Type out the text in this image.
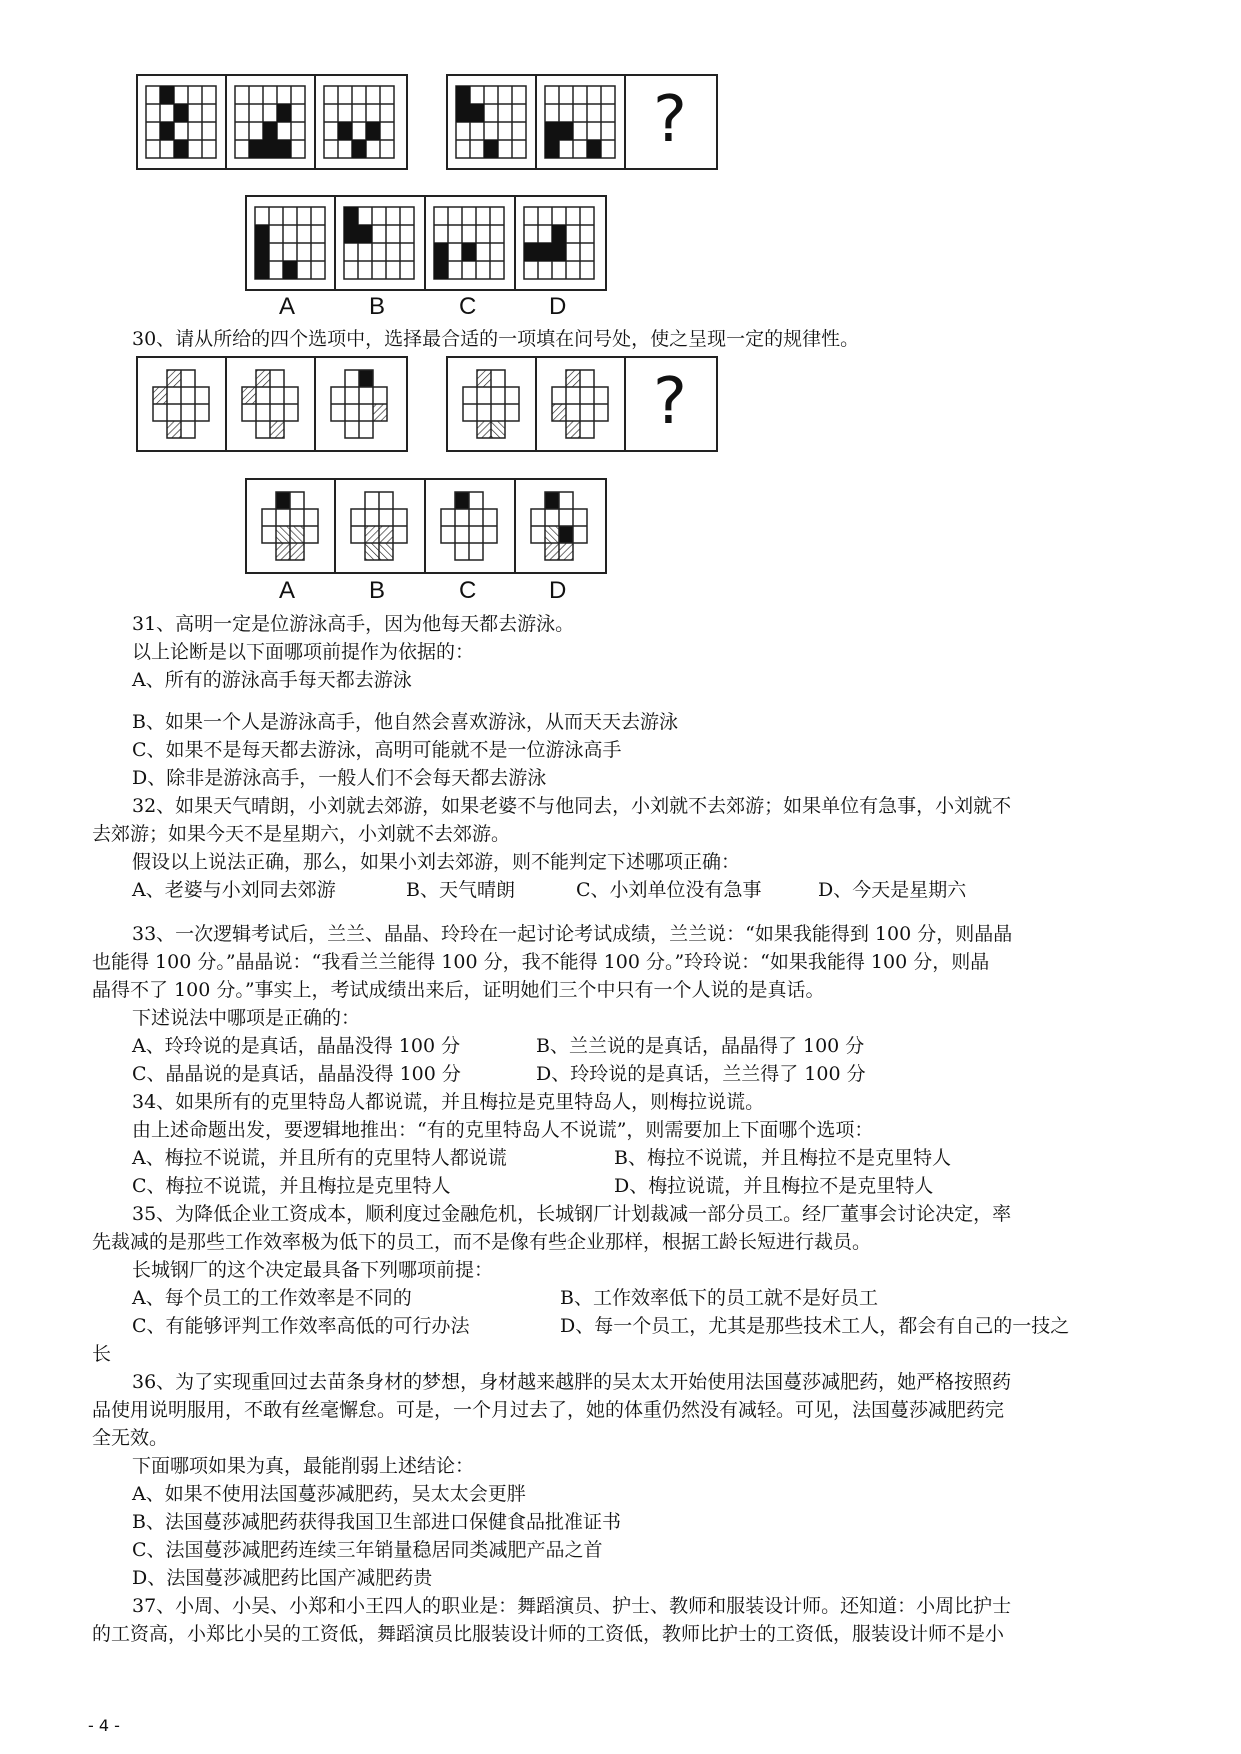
?
A	B	C	D
30、请从所给的四个选项中，选择最合适的一项填在问号处，使之呈现一定的规律性。
?
A	B	C	D
31、高明一定是位游泳高手，因为他每天都去游泳。
以上论断是以下面哪项前提作为依据的：
A、所有的游泳高手每天都去游泳
B、如果一个人是游泳高手，他自然会喜欢游泳，从而天天去游泳
C、如果不是每天都去游泳，高明可能就不是一位游泳高手
D、除非是游泳高手，一般人们不会每天都去游泳
32、如果天气晴朗，小刘就去郊游，如果老婆不与他同去，小刘就不去郊游；如果单位有急事，小刘就不
去郊游；如果今天不是星期六，小刘就不去郊游。
假设以上说法正确，那么，如果小刘去郊游，则不能判定下述哪项正确：
A、老婆与小刘同去郊游	B、天气晴朗	C、小刘单位没有急事	D、今天是星期六
33、一次逻辑考试后，兰兰、晶晶、玲玲在一起讨论考试成绩，兰兰说：“如果我能得到 100 分，则晶晶
也能得 100 分。”晶晶说：“我看兰兰能得 100 分，我不能得 100 分。”玲玲说：“如果我能得 100 分，则晶
晶得不了 100 分。”事实上，考试成绩出来后，证明她们三个中只有一个人说的是真话。
下述说法中哪项是正确的：
A、玲玲说的是真话，晶晶没得 100 分	B、兰兰说的是真话，晶晶得了 100 分
C、晶晶说的是真话，晶晶没得 100 分	D、玲玲说的是真话，兰兰得了 100 分
34、如果所有的克里特岛人都说谎，并且梅拉是克里特岛人，则梅拉说谎。
由上述命题出发，要逻辑地推出：“有的克里特岛人不说谎”，则需要加上下面哪个选项：
A、梅拉不说谎，并且所有的克里特人都说谎	B、梅拉不说谎，并且梅拉不是克里特人
C、梅拉不说谎，并且梅拉是克里特人	D、梅拉说谎，并且梅拉不是克里特人
35、为降低企业工资成本，顺利度过金融危机，长城钢厂计划裁减一部分员工。经厂董事会讨论决定，率
先裁减的是那些工作效率极为低下的员工，而不是像有些企业那样，根据工龄长短进行裁员。
长城钢厂的这个决定最具备下列哪项前提：
A、每个员工的工作效率是不同的	B、工作效率低下的员工就不是好员工
C、有能够评判工作效率高低的可行办法	D、每一个员工，尤其是那些技术工人，都会有自己的一技之
长
36、为了实现重回过去苗条身材的梦想，身材越来越胖的吴太太开始使用法国蔓莎减肥药，她严格按照药
品使用说明服用，不敢有丝毫懈怠。可是，一个月过去了，她的体重仍然没有减轻。可见，法国蔓莎减肥药完
全无效。
下面哪项如果为真，最能削弱上述结论：
A、如果不使用法国蔓莎减肥药，吴太太会更胖
B、法国蔓莎减肥药获得我国卫生部进口保健食品批准证书
C、法国蔓莎减肥药连续三年销量稳居同类减肥产品之首
D、法国蔓莎减肥药比国产减肥药贵
37、小周、小吴、小郑和小王四人的职业是：舞蹈演员、护士、教师和服装设计师。还知道：小周比护士
的工资高，小郑比小吴的工资低，舞蹈演员比服装设计师的工资低，教师比护士的工资低，服装设计师不是小
- 4 -
